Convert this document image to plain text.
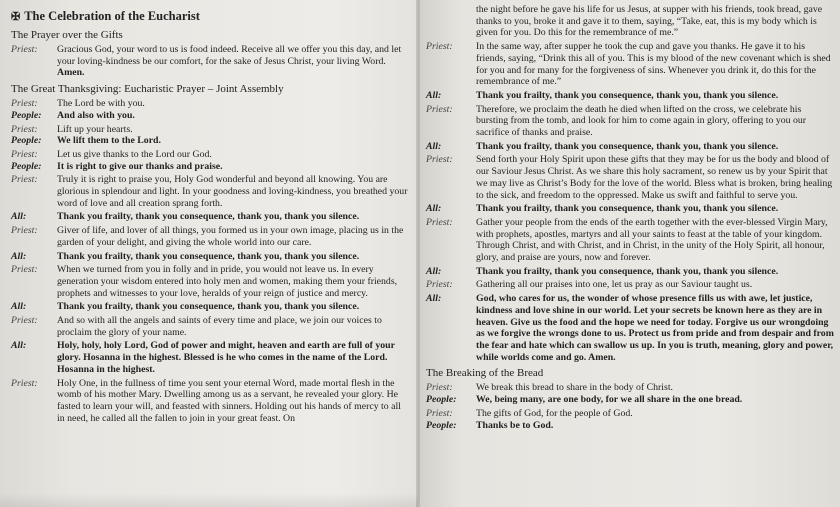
✠ The Celebration of the Eucharist
The Prayer over the Gifts
Priest:	Gracious God, your word to us is food indeed. Receive all we offer you this day, and let your loving-kindness be our comfort, for the sake of Jesus Christ, your living Word. Amen.
The Great Thanksgiving: Eucharistic Prayer – Joint Assembly
Priest:	The Lord be with you.
People:	And also with you.
Priest:	Lift up your hearts.
People:	We lift them to the Lord.
Priest:	Let us give thanks to the Lord our God.
People:	It is right to give our thanks and praise.
Priest:	Truly it is right to praise you, Holy God wonderful and beyond all knowing. You are glorious in splendour and light. In your goodness and loving-kindness, you breathed your word of love and all creation sprang forth.
All:	Thank you frailty, thank you consequence, thank you, thank you silence.
Priest:	Giver of life, and lover of all things, you formed us in your own image, placing us in the garden of your delight, and giving the whole world into our care.
All:	Thank you frailty, thank you consequence, thank you, thank you silence.
Priest:	When we turned from you in folly and in pride, you would not leave us. In every generation your wisdom entered into holy men and women, making them your friends, prophets and witnesses to your love, heralds of your reign of justice and mercy.
All:	Thank you frailty, thank you consequence, thank you, thank you silence.
Priest:	And so with all the angels and saints of every time and place, we join our voices to proclaim the glory of your name.
All:	Holy, holy, holy Lord, God of power and might, heaven and earth are full of your glory. Hosanna in the highest. Blessed is he who comes in the name of the Lord. Hosanna in the highest.
Priest:	Holy One, in the fullness of time you sent your eternal Word, made mortal flesh in the womb of his mother Mary. Dwelling among us as a servant, he revealed your glory. He fasted to learn your will, and feasted with sinners. Holding out his hands of mercy to all in need, he called all the fallen to join in your great feast. On
the night before he gave his life for us Jesus, at supper with his friends, took bread, gave thanks to you, broke it and gave it to them, saying, “Take, eat, this is my body which is given for you. Do this for the remembrance of me.”
Priest:	In the same way, after supper he took the cup and gave you thanks. He gave it to his friends, saying, “Drink this all of you. This is my blood of the new covenant which is shed for you and for many for the forgiveness of sins. Whenever you drink it, do this for the remembrance of me.”
All:	Thank you frailty, thank you consequence, thank you, thank you silence.
Priest:	Therefore, we proclaim the death he died when lifted on the cross, we celebrate his bursting from the tomb, and look for him to come again in glory, offering to you our sacrifice of thanks and praise.
All:	Thank you frailty, thank you consequence, thank you, thank you silence.
Priest:	Send forth your Holy Spirit upon these gifts that they may be for us the body and blood of our Saviour Jesus Christ. As we share this holy sacrament, so renew us by your Spirit that we may live as Christ’s Body for the love of the world. Bless what is broken, bring healing to the sick, and freedom to the oppressed. Make us swift and faithful to serve you.
All:	Thank you frailty, thank you consequence, thank you, thank you silence.
Priest:	Gather your people from the ends of the earth together with the ever-blessed Virgin Mary, with prophets, apostles, martyrs and all your saints to feast at the table of your kingdom. Through Christ, and with Christ, and in Christ, in the unity of the Holy Spirit, all honour, glory, and praise are yours, now and forever.
All:	Thank you frailty, thank you consequence, thank you, thank you silence.
Priest:	Gathering all our praises into one, let us pray as our Saviour taught us.
All:	God, who cares for us, the wonder of whose presence fills us with awe, let justice, kindness and love shine in our world. Let your secrets be known here as they are in heaven. Give us the food and the hope we need for today. Forgive us our wrongdoing as we forgive the wrongs done to us. Protect us from pride and from despair and from the fear and hate which can swallow us up. In you is truth, meaning, glory and power, while worlds come and go. Amen.
The Breaking of the Bread
Priest:	We break this bread to share in the body of Christ.
People:	We, being many, are one body, for we all share in the one bread.
Priest:	The gifts of God, for the people of God.
People:	Thanks be to God.
